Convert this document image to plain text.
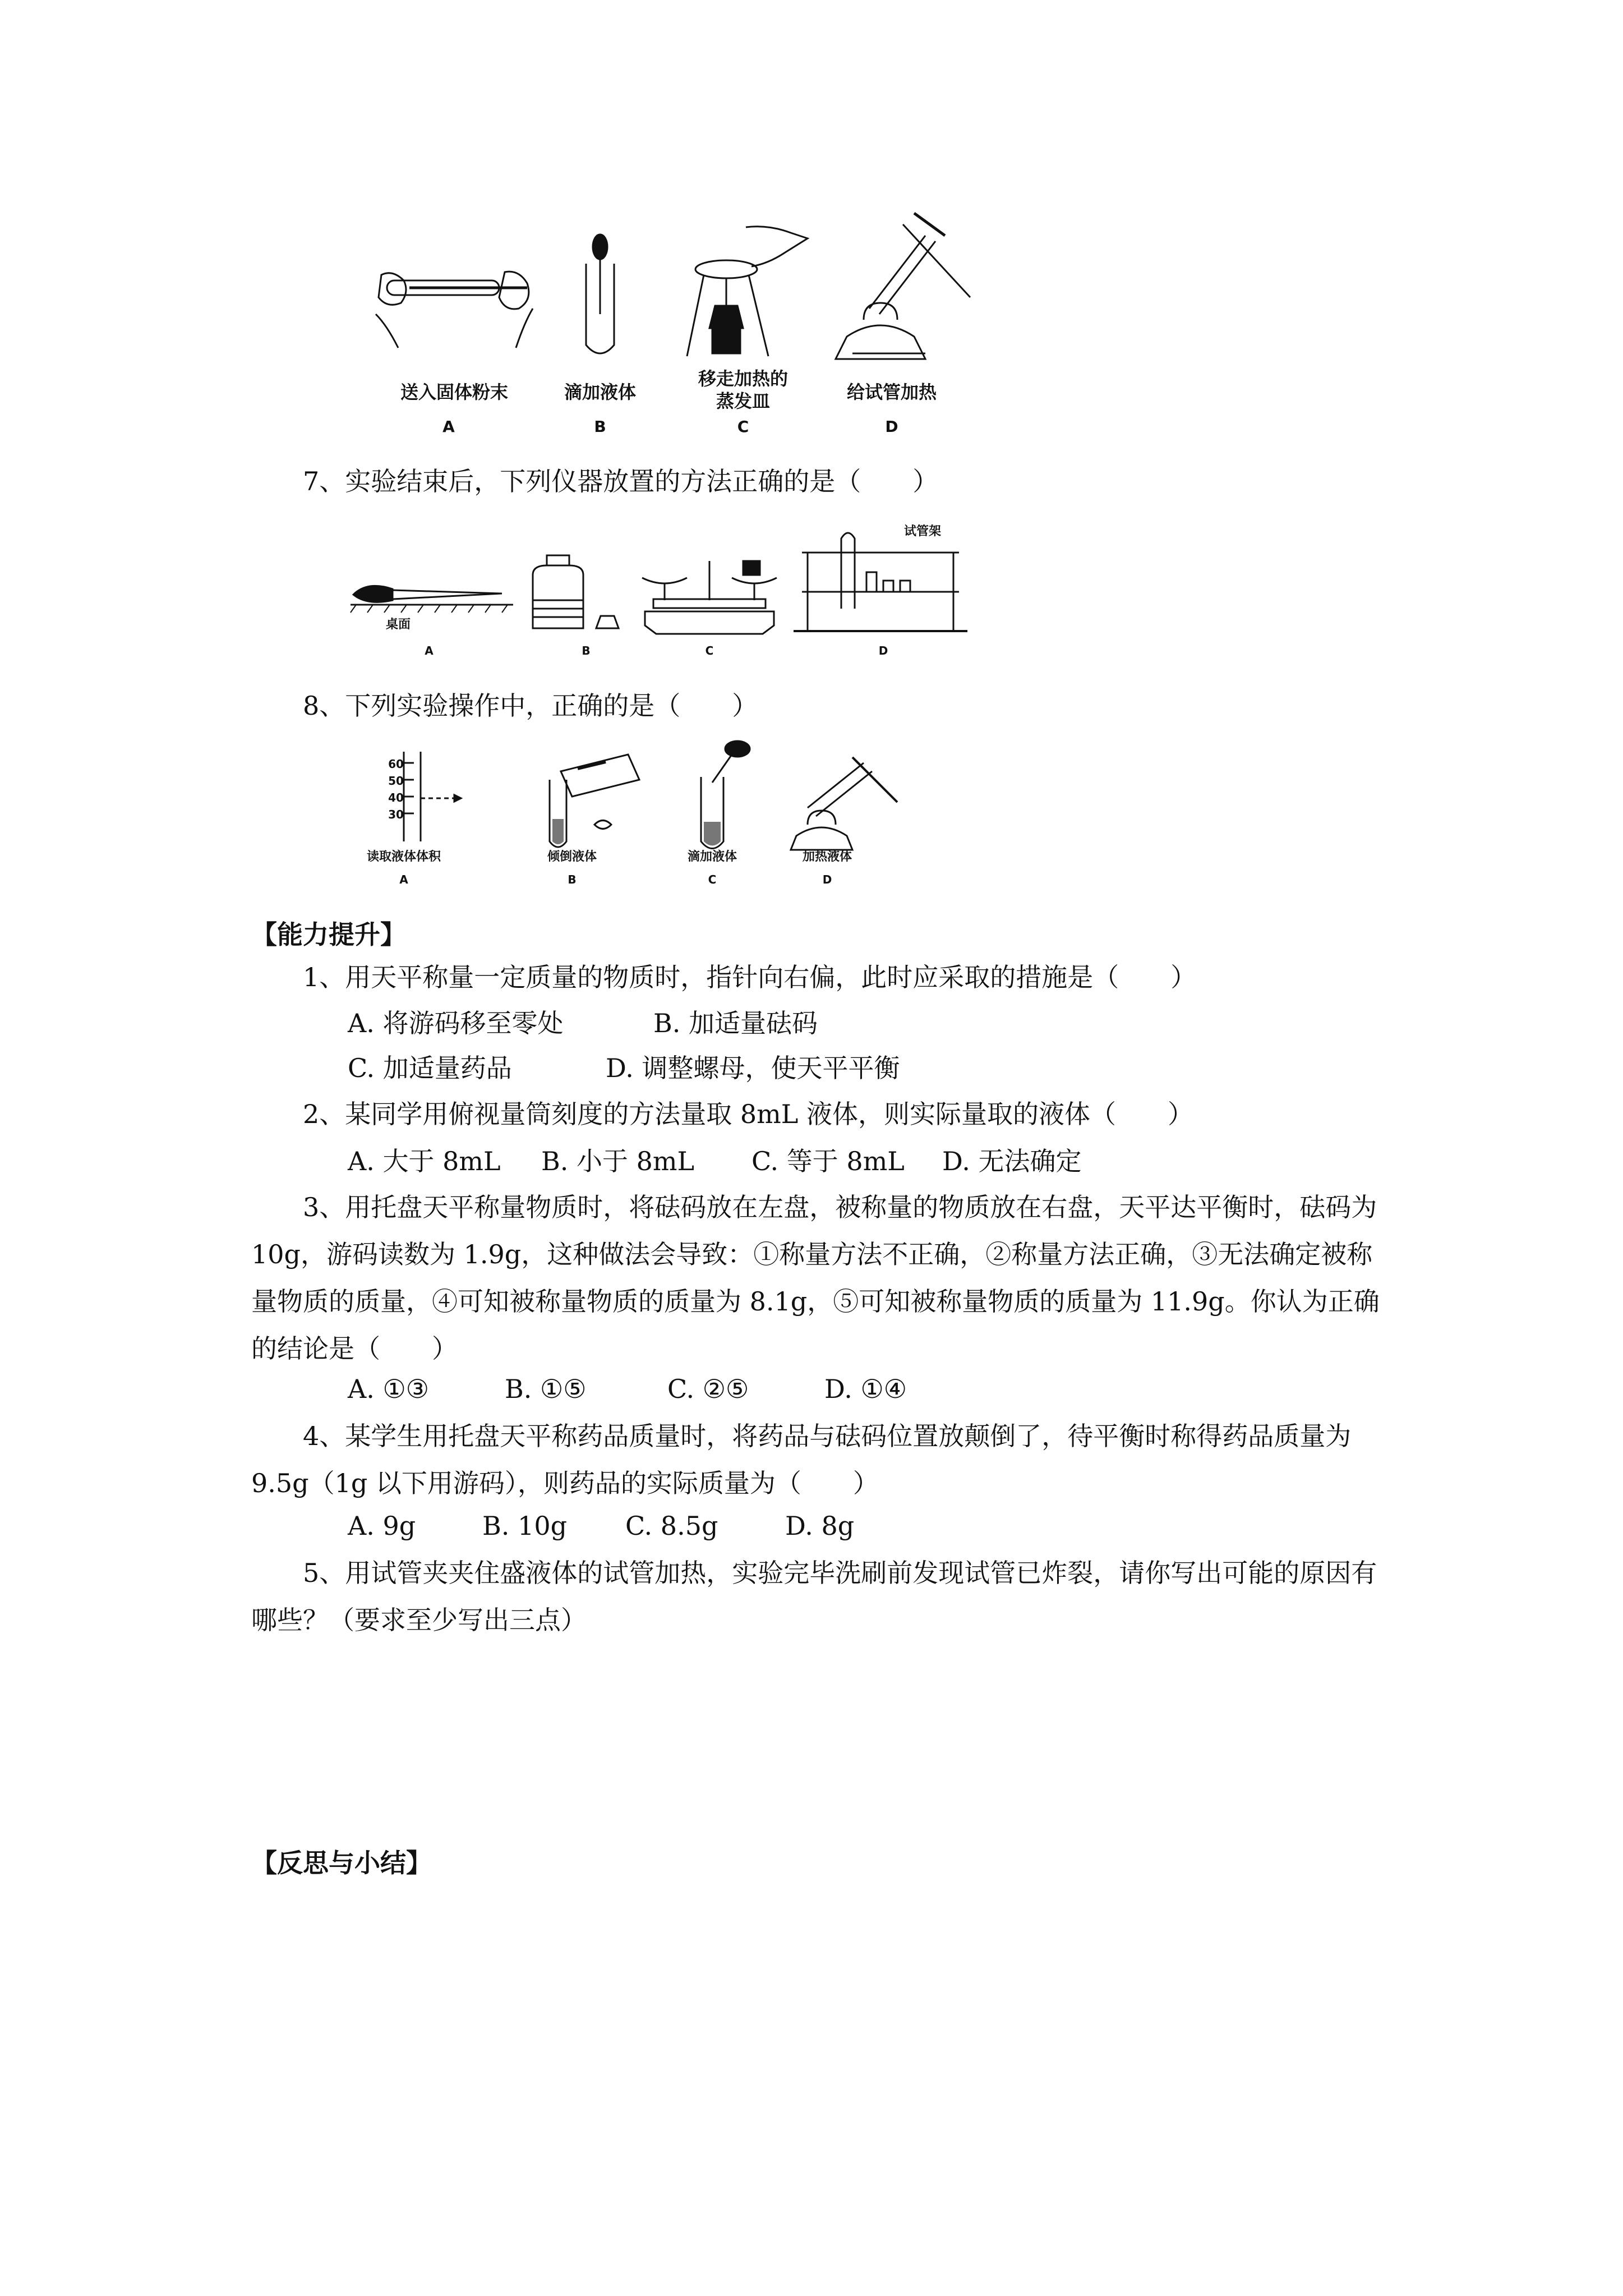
送入固体粉末	滴加液体
移走加热的
蒸发皿	给试管加热
A	B	C	D
7、实验结束后，下列仪器放置的方法正确的是（　　）
桌面
A	B	C
试管架
D
8、下列实验操作中，正确的是（　　）
60
50
40
30
读取液体体积	倾倒液体	滴加液体	加热液体
A	B	C	D
【能力提升】
1、用天平称量一定质量的物质时，指针向右偏，此时应采取的措施是（　　）
A. 将游码移至零处	B. 加适量砝码
C. 加适量药品	D. 调整螺母，使天平平衡
2、某同学用俯视量筒刻度的方法量取 8mL 液体，则实际量取的液体（　　）
A. 大于 8mL B. 小于 8mL C. 等于 8mL D. 无法确定
3、用托盘天平称量物质时，将砝码放在左盘，被称量的物质放在右盘，天平达平衡时，砝码为 10g，游码读数为 1.9g，这种做法会导致：①称量方法不正确，②称量方法正确，③无法确定被称量物质的质量，④可知被称量物质的质量为 8.1g，⑤可知被称量物质的质量为 11.9g。你认为正确的结论是（　　）
A. ①③	B. ①⑤	C. ②⑤	D. ①④
4、某学生用托盘天平称药品质量时，将药品与砝码位置放颠倒了，待平衡时称得药品质量为 9.5g（1g 以下用游码），则药品的实际质量为（　　）
A. 9g	B. 10g C. 8.5g	D. 8g
5、用试管夹夹住盛液体的试管加热，实验完毕洗刷前发现试管已炸裂，请你写出可能的原因有哪些？（要求至少写出三点）
【反思与小结】
